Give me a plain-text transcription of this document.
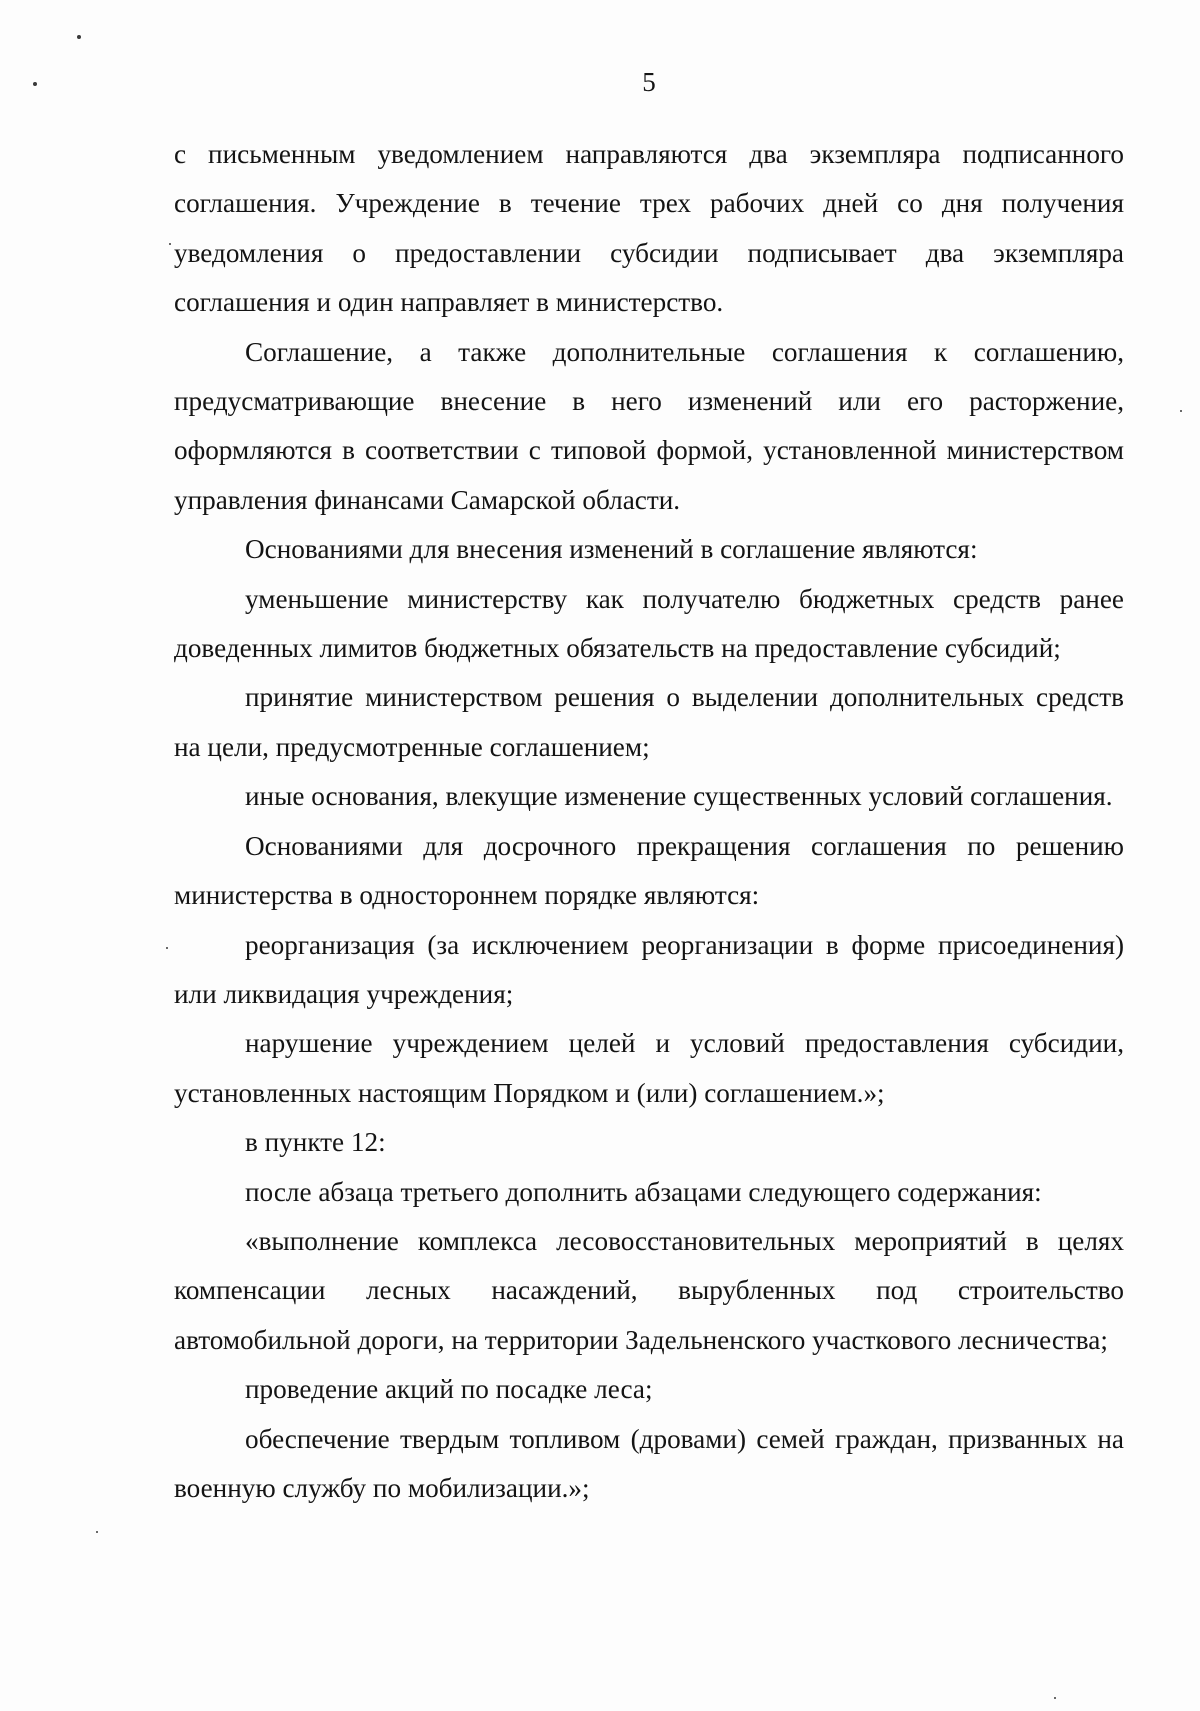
5

с письменным уведомлением направляются два экземпляра подписанного соглашения. Учреждение в течение трех рабочих дней со дня получения уведомления о предоставлении субсидии подписывает два экземпляра соглашения и один направляет в министерство.

Соглашение, а также дополнительные соглашения к соглашению, предусматривающие внесение в него изменений или его расторжение, оформляются в соответствии с типовой формой, установленной министерством управления финансами Самарской области.

Основаниями для внесения изменений в соглашение являются:

уменьшение министерству как получателю бюджетных средств ранее доведенных лимитов бюджетных обязательств на предоставление субсидий;

принятие министерством решения о выделении дополнительных средств на цели, предусмотренные соглашением;

иные основания, влекущие изменение существенных условий соглашения.

Основаниями для досрочного прекращения соглашения по решению министерства в одностороннем порядке являются:

реорганизация (за исключением реорганизации в форме присоединения) или ликвидация учреждения;

нарушение учреждением целей и условий предоставления субсидии, установленных настоящим Порядком и (или) соглашением.»;

в пункте 12:

после абзаца третьего дополнить абзацами следующего содержания:

«выполнение комплекса лесовосстановительных мероприятий в целях компенсации лесных насаждений, вырубленных под строительство автомобильной дороги, на территории Задельненского участкового лесничества;

проведение акций по посадке леса;

обеспечение твердым топливом (дровами) семей граждан, призванных на военную службу по мобилизации.»;
